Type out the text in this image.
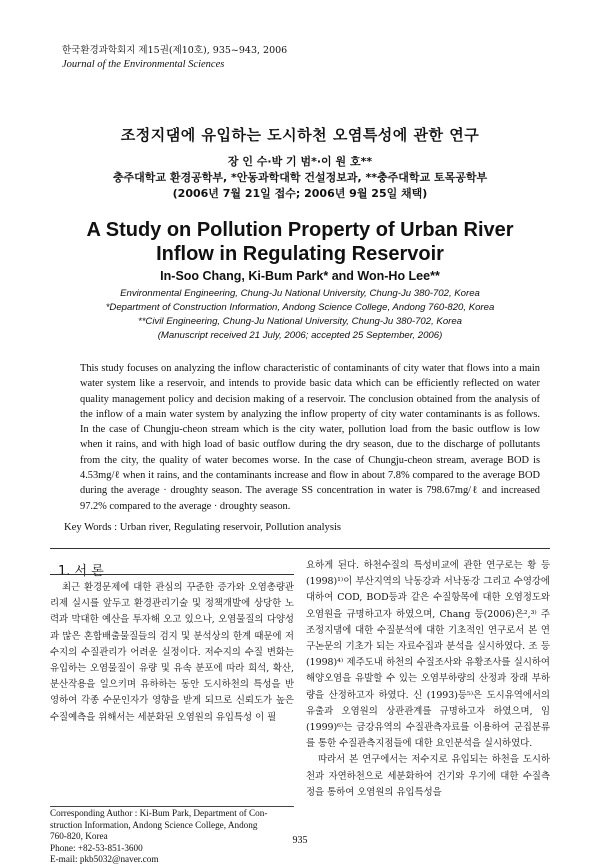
한국환경과학회지 제15권(제10호), 935~943, 2006
Journal of the Environmental Sciences
조정지댐에 유입하는 도시하천 오염특성에 관한 연구
장 인 수·박 기 범*·이 원 호**
충주대학교 환경공학부, *안동과학대학 건설정보과, **충주대학교 토목공학부
(2006년 7월 21일 접수; 2006년 9월 25일 채택)
A Study on Pollution Property of Urban River
Inflow in Regulating Reservoir
In-Soo Chang, Ki-Bum Park* and Won-Ho Lee**
Environmental Engineering, Chung-Ju National University, Chung-Ju 380-702, Korea
*Department of Construction Information, Andong Science College, Andong 760-820, Korea
**Civil Engineering, Chung-Ju National University, Chung-Ju 380-702, Korea
(Manuscript received 21 July, 2006; accepted 25 September, 2006)
This study focuses on analyzing the inflow characteristic of contaminants of city water that flows into a main water system like a reservoir, and intends to provide basic data which can be efficiently reflected on water quality management policy and decision making of a reservoir. The conclusion obtained from the analysis of the inflow of a main water system by analyzing the inflow property of city water contaminants is as follows. In the case of Chungju-cheon stream which is the city water, pollution load from the basic outflow is low when it rains, and with high load of basic outflow during the dry season, due to the discharge of pollutants from the city, the quality of water becomes worse. In the case of Chungju-cheon stream, average BOD is 4.53mg/ℓ when it rains, and the contaminants increase and flow in about 7.8% compared to the average BOD during the average · droughty season. The average SS concentration in water is 798.67mg/ℓ and increased 97.2% compared to the average · droughty season.
Key Words : Urban river, Regulating reservoir, Pollution analysis
1. 서 론

최근 환경문제에 대한 관심의 꾸준한 증가와 오염총량관리제 실시를 앞두고 환경관리기술 및 정책개발에 상당한 노력과 막대한 예산을 투자해 오고 있으나, 오염물질의 다양성과 많은 혼합배출물질들의 검지 및 분석상의 한계 때문에 저수지의 수질관리가 어려운 실정이다. 저수지의 수질 변화는 유입하는 오염물질이 유량 및 유속 분포에 따라 희석, 확산, 분산작용을 일으키며 유하하는 동안 도시하천의 특성을 반영하여 각종 수문인자가 영향을 받게 되므로 신뢰도가 높은 수질예측을 위해서는 세분화된 오염원의 유입특성 이 필

요하게 된다. 하천수질의 특성비교에 관한 연구로는 황 등(1998)¹⁾이 부산지역의 낙동강과 서낙동강 그리고 수영강에 대하여 COD, BOD등과 같은 수질항목에 대한 오염정도와 오염원을 규명하고자 하였으며, Chang 등(2006)은²,³⁾ 주조정지댐에 대한 수질분석에 대한 기초적인 연구로서 본 연구논문의 기초가 되는 자료수집과 분석을 실시하였다. 조 등(1998)⁴⁾ 제주도내 하천의 수질조사와 유황조사를 실시하여 해양오염을 유발할 수 있는 오염부하량의 산정과 장래 부하량을 산정하고자 하였다. 신 (1993)등⁵⁾은 도시유역에서의 유출과 오염원의 상관관계를 규명하고자 하였으며, 임 (1999)⁶⁾는 금강유역의 수질관측자료를 이용하여 군집분류를 통한 수질관측지점들에 대한 요인분석을 실시하였다.

따라서 본 연구에서는 저수지로 유입되는 하천을 도시하천과 자연하천으로 세분화하여 건기와 우기에 대한 수질측정을 통하여 오염원의 유입특성을

Corresponding Author : Ki-Bum Park, Department of Con-
struction Information, Andong Science College, Andong
760-820, Korea
Phone: +82-53-851-3600
E-mail: pkb5032@naver.com
935
